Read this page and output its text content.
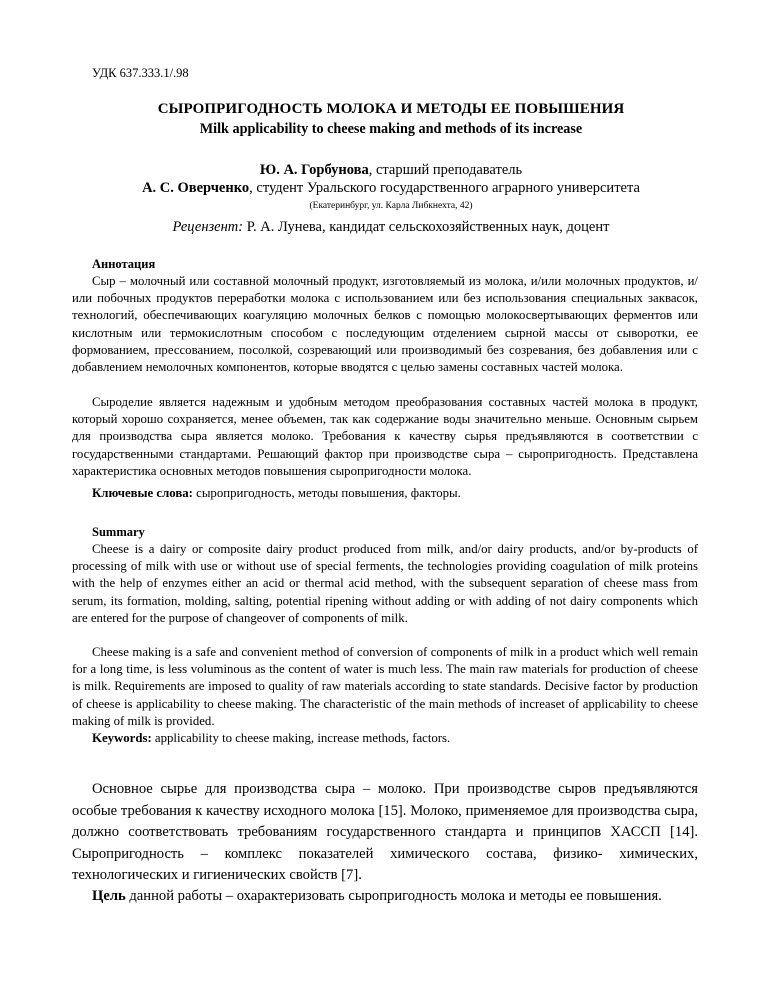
УДК 637.333.1/.98
СЫРОПРИГОДНОСТЬ МОЛОКА И МЕТОДЫ ЕЕ ПОВЫШЕНИЯ
Milk applicability to cheese making and methods of its increase
Ю. А. Горбунова, старший преподаватель
А. С. Оверченко, студент Уральского государственного аграрного университета
(Екатеринбург, ул. Карла Либкнехта, 42)
Рецензент: Р. А. Лунева, кандидат сельскохозяйственных наук, доцент
Аннотация

Сыр – молочный или составной молочный продукт, изготовляемый из молока, и/или молочных продуктов, и/или побочных продуктов переработки молока с использованием или без использования специальных заквасок, технологий, обеспечивающих коагуляцию молочных белков с помощью молокосвертывающих ферментов или кислотным или термокислотным способом с последующим отделением сырной массы от сыворотки, ее формованием, прессованием, посолкой, созревающий или производимый без созревания, без добавления или с добавлением немолочных компонентов, которые вводятся с целью замены составных частей молока.

Сыроделие является надежным и удобным методом преобразования составных частей молока в продукт, который хорошо сохраняется, менее объемен, так как содержание воды значительно меньше. Основным сырьем для производства сыра является молоко. Требования к качеству сырья предъявляются в соответствии с государственными стандартами. Решающий фактор при производстве сыра – сыропригодность. Представлена характеристика основных методов повышения сыропригодности молока.

Ключевые слова: сыропригодность, методы повышения, факторы.

Summary

Cheese is a dairy or composite dairy product produced from milk, and/or dairy products, and/or by-products of processing of milk with use or without use of special ferments, the technologies providing coagulation of milk proteins with the help of enzymes either an acid or thermal acid method, with the subsequent separation of cheese mass from serum, its formation, molding, salting, potential ripening without adding or with adding of not dairy components which are entered for the purpose of changeover of components of milk.

Cheese making is a safe and convenient method of conversion of components of milk in a product which well remain for a long time, is less voluminous as the content of water is much less. The main raw materials for production of cheese is milk. Requirements are imposed to quality of raw materials according to state standards. Decisive factor by production of cheese is applicability to cheese making. The characteristic of the main methods of increaset of applicability to cheese making of milk is provided.

Keywords: applicability to cheese making, increase methods, factors.

Основное сырье для производства сыра – молоко. При производстве сыров предъявляются особые требования к качеству исходного молока [15]. Молоко, применяемое для производства сыра, должно соответствовать требованиям государственного стандарта и принципов ХАССП [14]. Сыропригодность – комплекс показателей химического состава, физико- химических, технологических и гигиенических свойств [7].

Цель данной работы – охарактеризовать сыропригодность молока и методы ее повышения.
